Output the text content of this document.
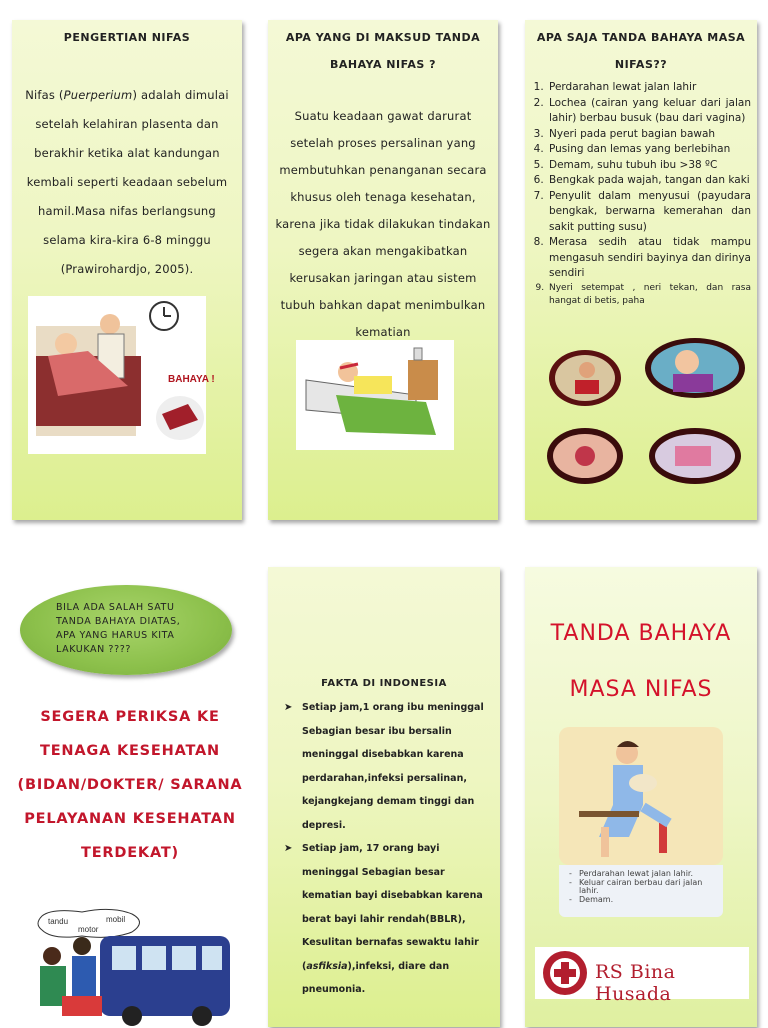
PENGERTIAN NIFAS

Nifas (Puerperium) adalah dimulai setelah kelahiran plasenta dan berakhir ketika alat kandungan kembali seperti keadaan sebelum hamil.Masa nifas berlangsung selama kira-kira 6-8 minggu (Prawirohardjo, 2005).

BAHAYA !
APA YANG DI MAKSUD TANDA BAHAYA NIFAS ?

Suatu keadaan gawat darurat setelah proses persalinan yang membutuhkan penanganan secara khusus oleh tenaga kesehatan, karena jika tidak dilakukan tindakan segera akan mengakibatkan kerusakan jaringan atau sistem tubuh bahkan dapat menimbulkan kematian

APA SAJA TANDA BAHAYA MASA NIFAS??
1. Perdarahan lewat jalan lahir
2. Lochea (cairan yang keluar dari jalan lahir) berbau busuk (bau dari vagina)
3. Nyeri pada perut bagian bawah
4. Pusing dan lemas yang berlebihan
5. Demam, suhu tubuh ibu >38 ºC
6. Bengkak pada wajah, tangan dan kaki
7. Penyulit dalam menyusui (payudara bengkak, berwarna kemerahan dan sakit putting susu)
8. Merasa sedih atau tidak mampu mengasuh sendiri bayinya dan dirinya sendiri
9. Nyeri setempat , neri tekan, dan rasa hangat di betis, paha
BILA ADA SALAH SATU
TANDA BAHAYA DIATAS,
APA YANG HARUS KITA
LAKUKAN ????
SEGERA PERIKSA KE
TENAGA KESEHATAN
(BIDAN/DOKTER/ SARANA
PELAYANAN KESEHATAN
TERDEKAT)
tandu
motor
mobil
FAKTA DI INDONESIA
➤ Setiap jam,1 orang ibu meninggal Sebagian besar ibu bersalin meninggal disebabkan karena perdarahan,infeksi persalinan, kejangkejang demam tinggi dan depresi.
➤ Setiap jam, 17 orang bayi meninggal Sebagian besar kematian bayi disebabkan karena berat bayi lahir rendah(BBLR), Kesulitan bernafas sewaktu lahir (asfiksia),infeksi, diare dan pneumonia.
TANDA BAHAYA
MASA NIFAS
- Perdarahan lewat jalan lahir.
- Keluar cairan berbau dari jalan lahir.
- Demam.
RS Bina Husada
